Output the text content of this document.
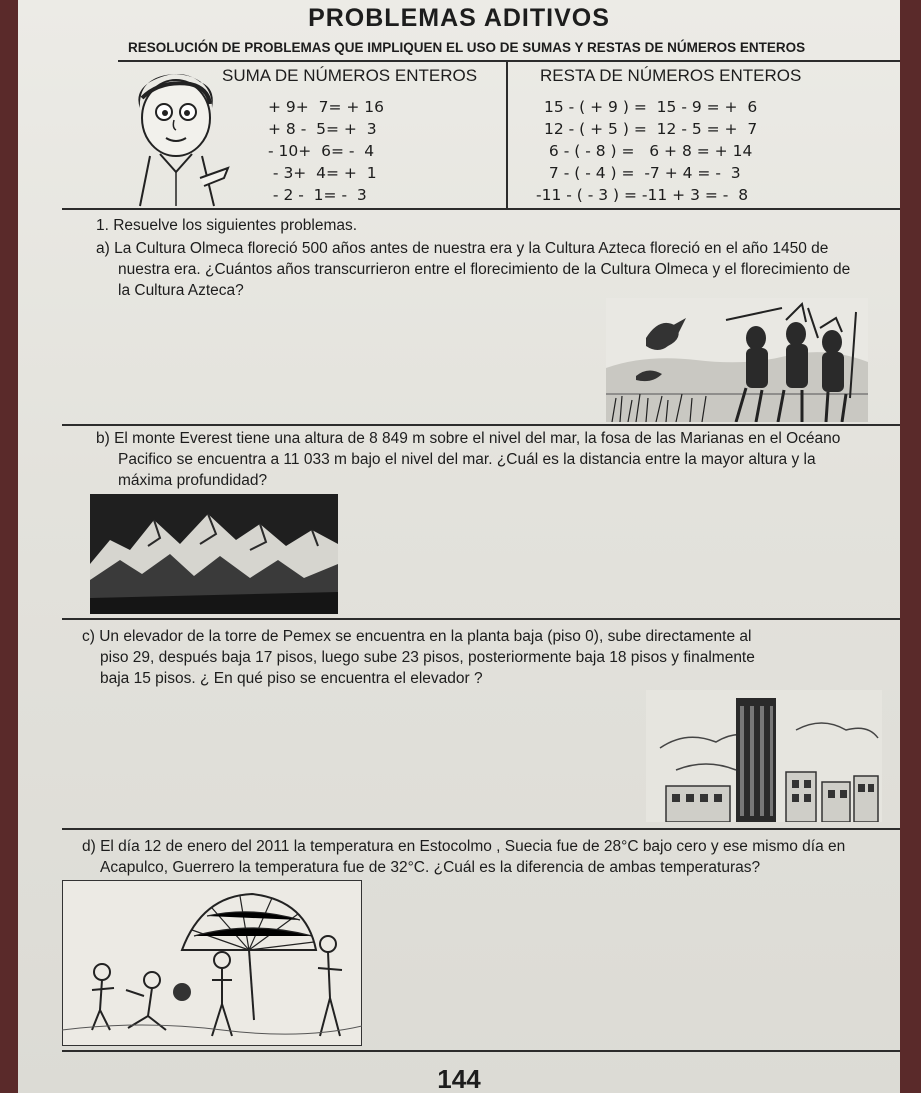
PROBLEMAS ADITIVOS
RESOLUCIÓN DE PROBLEMAS QUE IMPLIQUEN EL USO DE SUMAS Y RESTAS DE NÚMEROS ENTEROS
SUMA DE NÚMEROS ENTEROS	RESTA DE NÚMEROS ENTEROS
+ 9+  7= + 16
+ 8 -  5= +  3
- 10+  6= -  4
- 3+  4= +  1
- 2 -  1= -  3
15 - ( + 9 ) =  15 - 9 = +  6
12 - ( + 5 ) =  12 - 5 = +  7
6 - ( - 8 ) =   6 + 8 = + 14
7 - ( - 4 ) =  -7 + 4 = -  3
-11 - ( - 3 ) = -11 + 3 = -  8
1. Resuelve los siguientes problemas.
a) La Cultura Olmeca floreció 500 años antes de nuestra era y la Cultura Azteca floreció en el año 1450 de
nuestra era. ¿Cuántos años transcurrieron entre el florecimiento de la Cultura Olmeca y el florecimiento de
la Cultura Azteca?
b) El monte Everest tiene una altura de 8 849 m sobre el nivel del mar, la fosa de las Marianas en el Océano
Pacifico se encuentra a 11 033 m bajo el nivel del mar. ¿Cuál es la distancia entre la mayor altura y la
máxima profundidad?
c) Un elevador de la torre de Pemex se encuentra en la planta baja (piso 0), sube directamente al
piso 29, después baja 17 pisos, luego sube 23 pisos, posteriormente baja 18 pisos y finalmente
baja 15 pisos. ¿ En qué piso se encuentra el elevador ?
d) El día 12 de enero del 2011 la temperatura en Estocolmo , Suecia fue de 28°C bajo cero y ese mismo día en
Acapulco, Guerrero la temperatura fue de 32°C. ¿Cuál es la diferencia de ambas temperaturas?
144
